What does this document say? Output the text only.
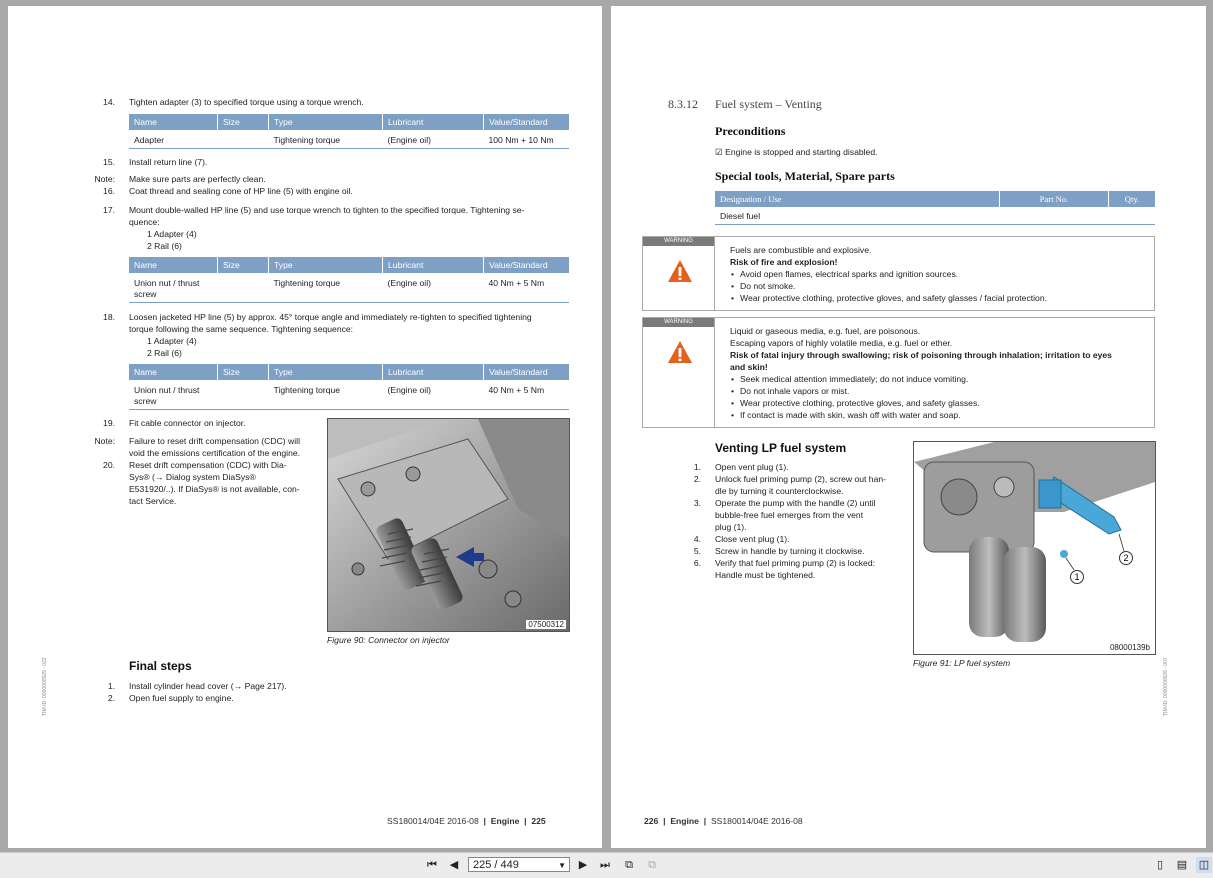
14. Tighten adapter (3) to specified torque using a torque wrench.
Name	Size	Type	Lubricant	Value/Standard
Adapter		Tightening torque	(Engine oil)	100 Nm + 10 Nm
15. Install return line (7).
Note: Make sure parts are perfectly clean.
16. Coat thread and sealing cone of HP line (5) with engine oil.
17. Mount double-walled HP line (5) and use torque wrench to tighten to the specified torque. Tightening se-
quence:
1 Adapter (4)
2 Rail (6)
Name	Size	Type	Lubricant	Value/Standard

Union nut / thrust
screw		Tightening torque	(Engine oil)	40 Nm + 5 Nm
18. Loosen jacketed HP line (5) by approx. 45° torque angle and immediately re-tighten to specified tightening
torque following the same sequence. Tightening sequence:
1 Adapter (4)
2 Rail (6)
Name	Size	Type	Lubricant	Value/Standard

Union nut / thrust
screw		Tightening torque	(Engine oil)	40 Nm + 5 Nm
19. Fit cable connector on injector.
Note: Failure to reset drift compensation (CDC) will
void the emissions certification of the engine.
20. Reset drift compensation (CDC) with Dia-
Sys® (→ Dialog system DiaSys®
E531920/..). If DiaSys® is not available, con-
tact Service.
07500312
Figure 90: Connector on injector
Final steps
1. Install cylinder head cover (→ Page 217).
2. Open fuel supply to engine.
TIM-ID: 0000000525 - 022
SS180014/04E 2016-08 | Engine | 225
8.3.12 Fuel system – Venting
Preconditions
☑ Engine is stopped and starting disabled.
Special tools, Material, Spare parts
Designation / Use	Part No.	Qty.
Diesel fuel		
WARNING
Fuels are combustible and explosive.
Risk of fire and explosion!
• Avoid open flames, electrical sparks and ignition sources.
• Do not smoke.
• Wear protective clothing, protective gloves, and safety glasses / facial protection.
WARNING
Liquid or gaseous media, e.g. fuel, are poisonous.
Escaping vapors of highly volatile media, e.g. fuel or ether.
Risk of fatal injury through swallowing; risk of poisoning through inhalation; irritation to eyes
and skin!
• Seek medical attention immediately; do not induce vomiting.
• Do not inhale vapors or mist.
• Wear protective clothing, protective gloves, and safety glasses.
• If contact is made with skin, wash off with water and soap.
Venting LP fuel system
1. Open vent plug (1).
2. Unlock fuel priming pump (2), screw out han-
dle by turning it counterclockwise.
3. Operate the pump with the handle (2) until
bubble-free fuel emerges from the vent
plug (1).
4. Close vent plug (1).
5. Screw in handle by turning it clockwise.
6. Verify that fuel priming pump (2) is locked:
Handle must be tightened.	1
2
08000139b
Figure 91: LP fuel system	TIM-ID: 0000000526 - 007
226 | Engine | SS180014/04E 2016-08
⏮	◀	225 / 449	▼	▶	⏭	⧉	⧉	▯	▤ ◫
